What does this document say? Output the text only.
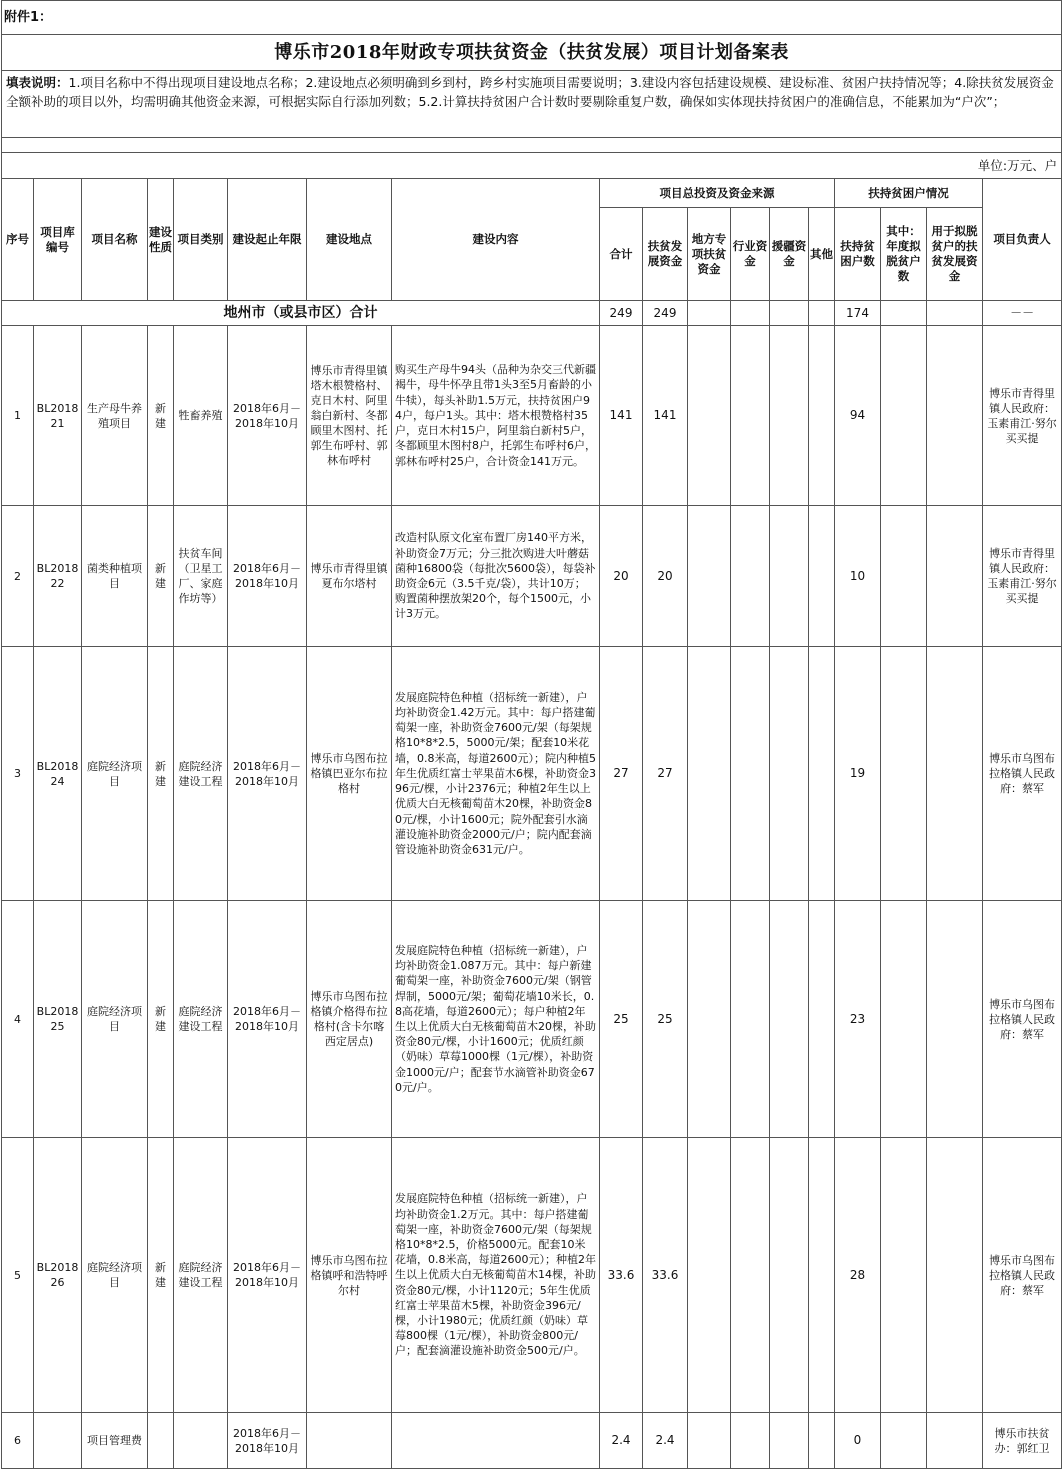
附件1：																	
博乐市2018年财政专项扶贫资金（扶贫发展）项目计划备案表																	
填表说明：1.项目名称中不得出现项目建设地点名称；2.建设地点必须明确到乡到村，跨乡村实施项目需要说明；3.建设内容包括建设规模、建设标准、贫困户扶持情况等；4.除扶贫发展资金全额补助的项目以外，均需明确其他资金来源，可根据实际自行添加列数；5.2.计算扶持贫困户合计数时要剔除重复户数，确保如实体现扶持贫困户的准确信息，不能累加为“户次”；																	

单位:万元、户																	
序号	项目库编号	项目名称	建设性质	项目类别	建设起止年限	建设地点	建设内容	项目总投资及资金来源						扶持贫困户情况			项目负责人
								合计	扶贫发展资金	地方专项扶贫资金	行业资金	援疆资金	其他	扶持贫困户数	其中：年度拟脱贫户数	用于拟脱贫户的扶贫发展资金	
地州市（或县市区）合计								249	249					174			－－
1	BL201821	生产母牛养殖项目	新建	牲畜养殖	2018年6月－2018年10月	博乐市青得里镇塔木根赞格村、克日木村、阿里翁白新村、冬都顾里木图村、托郭生布呼村、郭林布呼村	购买生产母牛94头（品种为杂交三代新疆褐牛，母牛怀孕且带1头3至5月畜龄的小牛犊），每头补助1.5万元，扶持贫困户94户，每户1头。其中：塔木根赞格村35户，克日木村15户，阿里翁白新村5户，冬都顾里木图村8户，托郭生布呼村6户，郭林布呼村25户，合计资金141万元。	141	141					94			博乐市青得里镇人民政府：玉素甫江·努尔买买提
2	BL201822	菌类种植项目	新建	扶贫车间（卫星工厂、家庭作坊等）	2018年6月－2018年10月	博乐市青得里镇夏布尔塔村	改造村队原文化室布置厂房140平方米，补助资金7万元；分三批次购进大叶蘑菇菌种16800袋（每批次5600袋），每袋补助资金6元（3.5千克/袋），共计10万；购置菌种摆放架20个，每个1500元，小计3万元。	20	20					10			博乐市青得里镇人民政府：玉素甫江·努尔买买提
3	BL201824	庭院经济项目	新建	庭院经济建设工程	2018年6月－2018年10月	博乐市乌图布拉格镇巴亚尔布拉格村	发展庭院特色种植（招标统一新建），户均补助资金1.42万元。其中：每户搭建葡萄架一座，补助资金7600元/架（每架规格10*8*2.5，5000元/架；配套10米花墙，0.8米高，每道2600元）；院内种植5年生优质红富士苹果苗木6棵，补助资金396元/棵，小计2376元；种植2年生以上优质大白无核葡萄苗木20棵，补助资金80元/棵，小计1600元；院外配套引水滴灌设施补助资金2000元/户；院内配套滴管设施补助资金631元/户。	27	27					19			博乐市乌图布拉格镇人民政府：蔡军
4	BL201825	庭院经济项目	新建	庭院经济建设工程	2018年6月－2018年10月	博乐市乌图布拉格镇介格得布拉格村(含卡尔喀西定居点)	发展庭院特色种植（招标统一新建），户均补助资金1.087万元。其中：每户新建葡萄架一座，补助资金7600元/架（钢管焊制，5000元/架；葡萄花墙10米长，0.8高花墙，每道2600元）；每户种植2年生以上优质大白无核葡萄苗木20棵，补助资金80元/棵，小计1600元；优质红颜（奶味）草莓1000棵（1元/棵），补助资金1000元/户；配套节水滴管补助资金670元/户。	25	25					23			博乐市乌图布拉格镇人民政府：蔡军
5	BL201826	庭院经济项目	新建	庭院经济建设工程	2018年6月－2018年10月	博乐市乌图布拉格镇呼和浩特呼尔村	发展庭院特色种植（招标统一新建），户均补助资金1.2万元。其中：每户搭建葡萄架一座，补助资金7600元/架（每架规格10*8*2.5，价格5000元。配套10米花墙，0.8米高，每道2600元）；种植2年生以上优质大白无核葡萄苗木14棵，补助资金80元/棵，小计1120元；5年生优质红富士苹果苗木5棵，补助资金396元/棵，小计1980元；优质红颜（奶味）草莓800棵（1元/棵），补助资金800元/户；配套滴灌设施补助资金500元/户。	33.6	33.6					28			博乐市乌图布拉格镇人民政府：蔡军
6		项目管理费			2018年6月－2018年10月			2.4	2.4					0			博乐市扶贫办：郭红卫
